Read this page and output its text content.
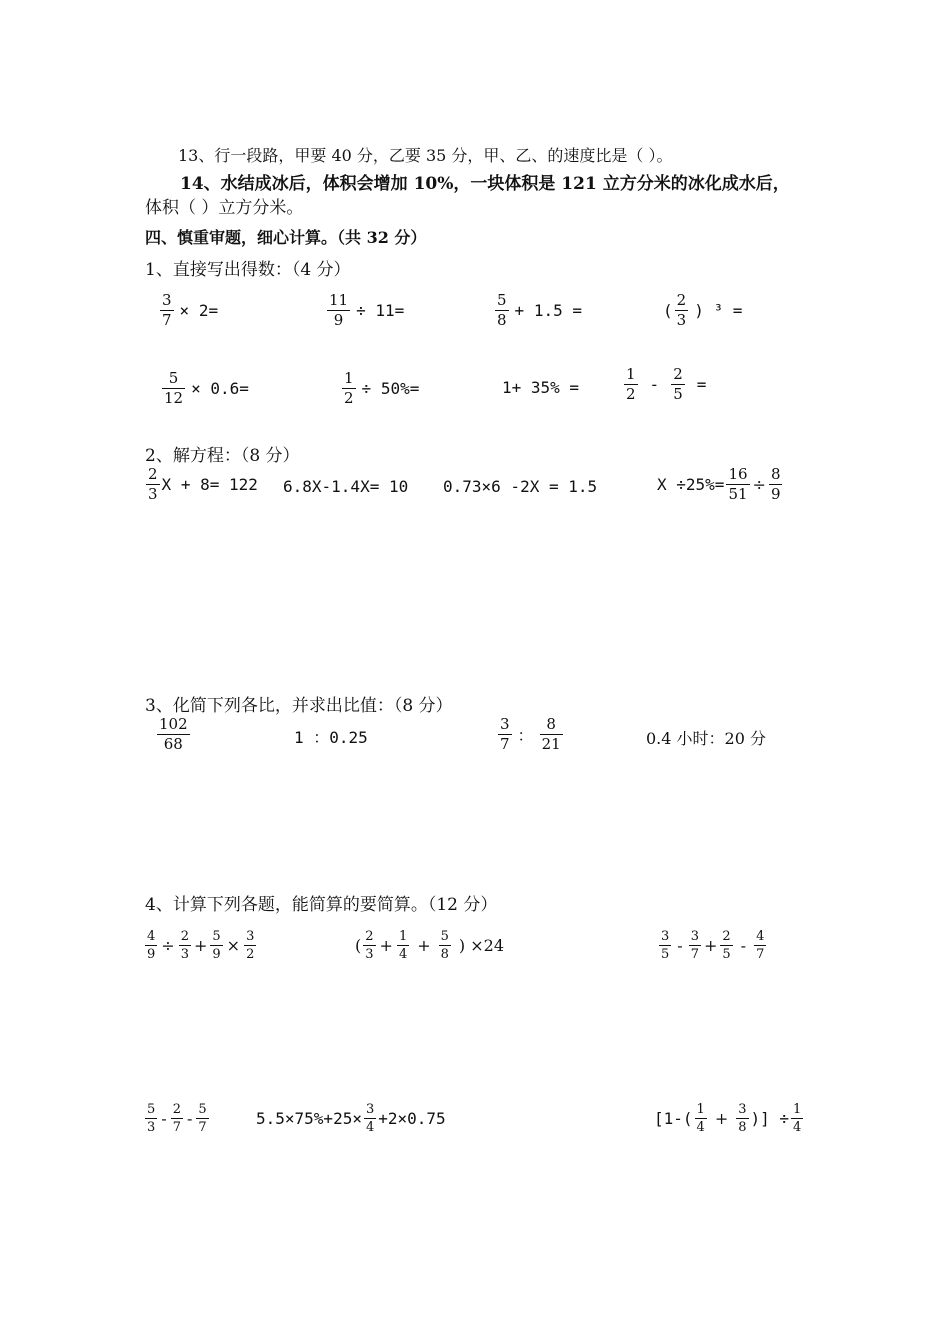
13、行一段路，甲要 40 分，乙要 35 分，甲、乙、的速度比是（ ）。
14、水结成冰后，体积会增加 10%，一块体积是 121 立方分米的冰化成水后，
体积（ ）立方分米。
四、慎重审题，细心计算。（共 32 分）
1、直接写出得数：（4 分）
$\frac{3}{7} \times 2=$	$\frac{11}{9} \div 11=$	$\frac{5}{8} + 1.5$ =	( $\frac{2}{3}$ ) ³ =
$\frac{5}{12} \times 0.6=$	$\frac{1}{2} \div 50\%=$	1+ 35% =	$\frac{1}{2} - \frac{2}{5}$ =
2、解方程：（8 分）
$\frac{2}{3}$ X + 8= 122 6.8X-1.4X= 10 0.73×6 -2X = 1.5	$X \div 25\%= \frac{16}{51} \div \frac{8}{9}$
3、化简下列各比，并求出比值：（8 分）
$\frac{102}{68}$	1 ：0.25	$\frac{3}{7}$ ： $\frac{8}{21}$	0.4 小时：20 分
4、计算下列各题，能简算的要简算。（12 分）
$\frac{4}{9} \div \frac{2}{3} + \frac{5}{9} \times \frac{3}{2}$	( $\frac{2}{3} + \frac{1}{4} + \frac{5}{8}$ ) ×24	$\frac{3}{5} - \frac{3}{7} + \frac{2}{5} - \frac{4}{7}$
$\frac{5}{3} - \frac{2}{7} - \frac{5}{7}$	$5.5\times 75\%+25\times \frac{3}{4} +2\times 0.75$	[$1-( \frac{1}{4} + \frac{3}{8}$ )] ÷ $\frac{1}{4}$
